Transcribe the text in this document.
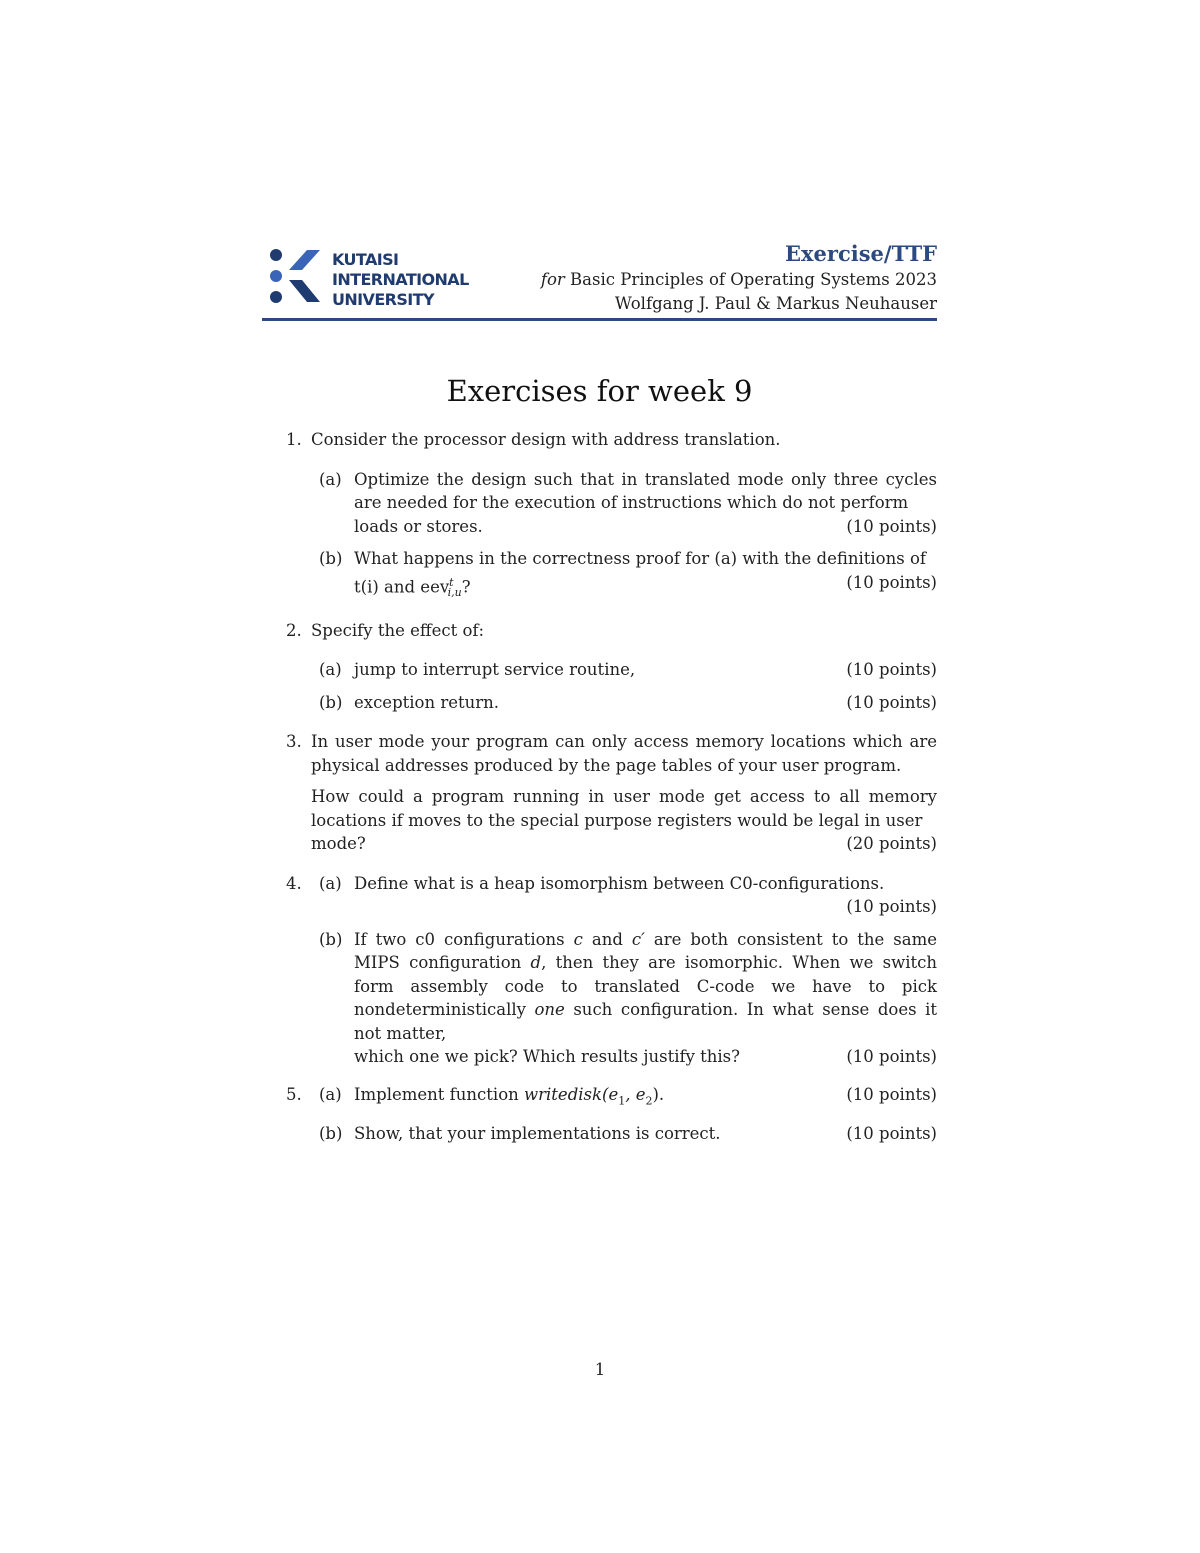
KUTAISI
INTERNATIONAL
UNIVERSITY
Exercise/TTF
for Basic Principles of Operating Systems 2023
Wolfgang J. Paul & Markus Neuhauser
Exercises for week 9
1. Consider the processor design with address translation.
(a) Optimize the design such that in translated mode only three cycles are needed for the execution of instructions which do not perform
loads or stores.	(10 points)
(b) What happens in the correctness proof for (a) with the definitions of
t(i) and eev$^t_{i,u}$?	(10 points)
2. Specify the effect of:
(a) jump to interrupt service routine,	(10 points)
(b) exception return.	(10 points)
3. In user mode your program can only access memory locations which are physical addresses produced by the page tables of your user program.
How could a program running in user mode get access to all memory locations if moves to the special purpose registers would be legal in user
mode?	(20 points)
4. (a) Define what is a heap isomorphism between C0-configurations.
(10 points)
(b) If two c0 configurations c and c′ are both consistent to the same MIPS configuration d, then they are isomorphic. When we switch form assembly code to translated C-code we have to pick nondeterministically one such configuration. In what sense does it not matter,
which one we pick? Which results justify this?	(10 points)
5. (a) Implement function $writedisk(e_1$, $e_2$).	(10 points)
(b) Show, that your implementations is correct.	(10 points)
1
